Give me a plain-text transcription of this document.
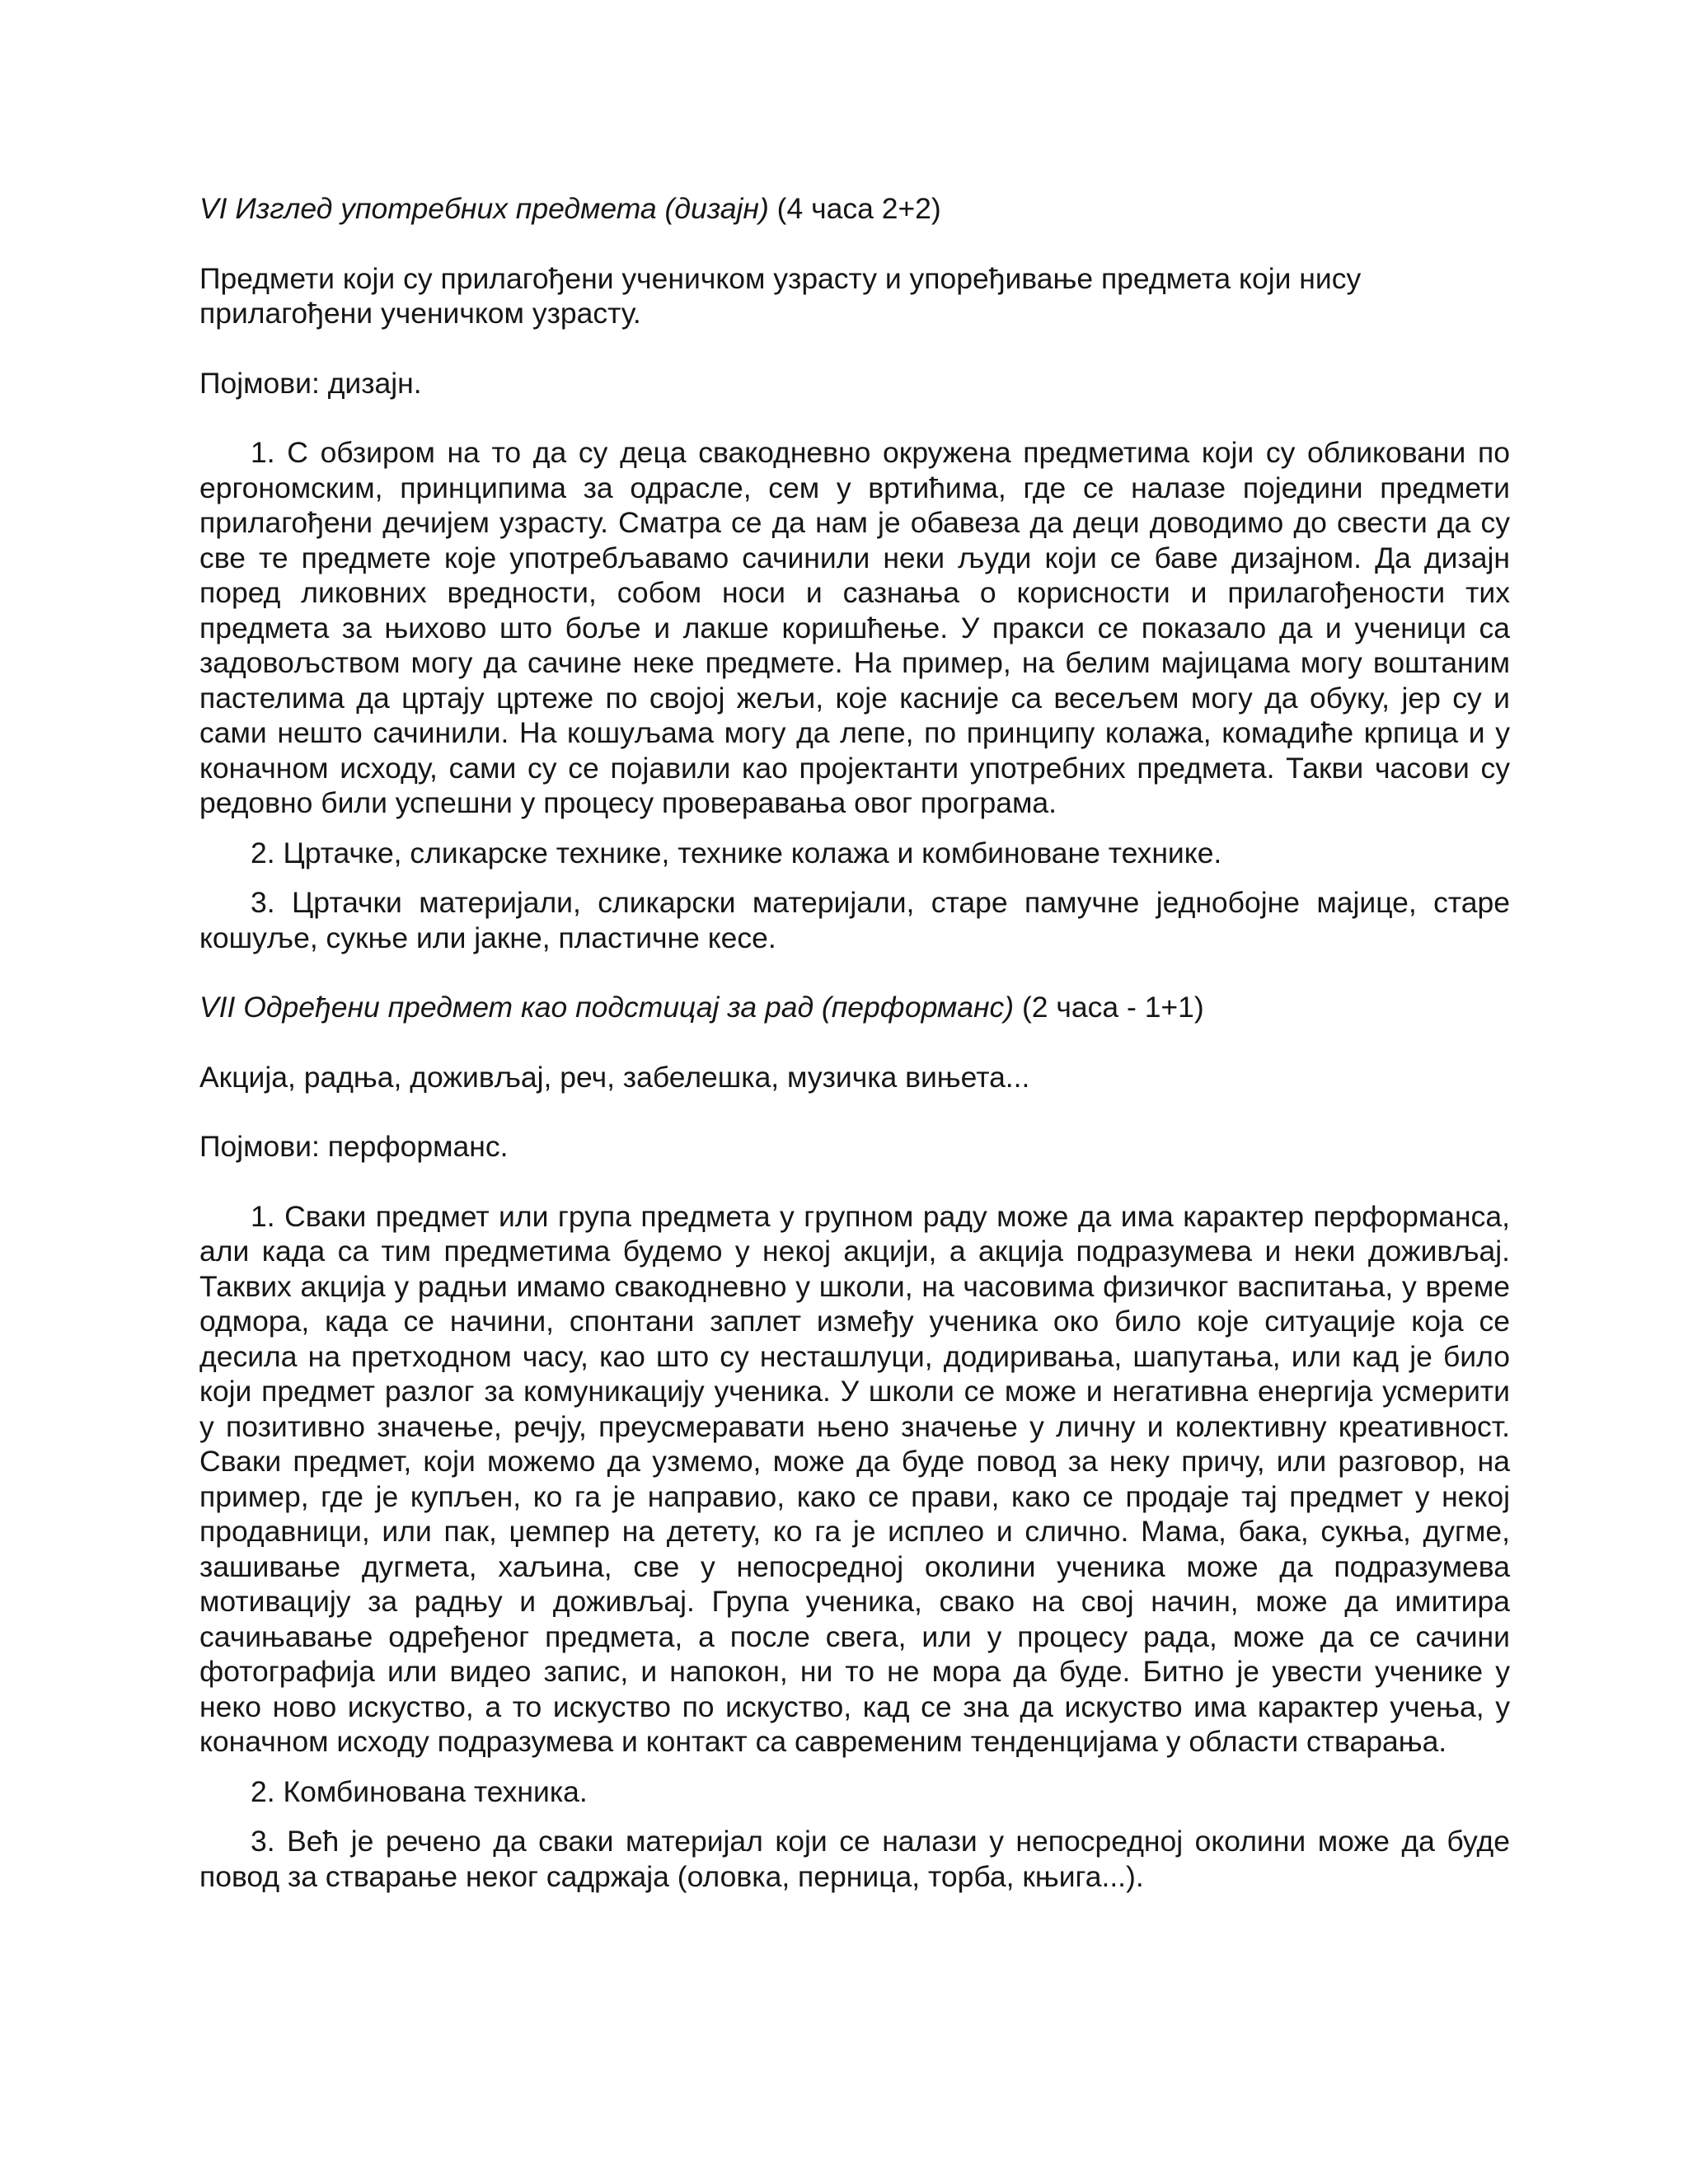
VI Изглед употребних предмета (дизајн) (4 часа 2+2)
Предмети који су прилагођени ученичком узрасту и упоређивање предмета који нису прилагођени ученичком узрасту.
Појмови: дизајн.
1. С обзиром на то да су деца свакодневно окружена предметима који су обликовани по ергономским, принципима за одрасле, сем у вртићима, где се налазе поједини предмети прилагођени дечијем узрасту. Сматра се да нам је обавеза да деци доводимо до свести да су све те предмете које употребљавамо сачинили неки људи који се баве дизајном. Да дизајн поред ликовних вредности, собом носи и сазнања о корисности и прилагођености тих предмета за њихово што боље и лакше коришћење. У пракси се показало да и ученици са задовољством могу да сачине неке предмете. На пример, на белим мајицама могу воштаним пастелима да цртају цртеже по својој жељи, које касније са весељем могу да обуку, јер су и сами нешто сачинили. На кошуљама могу да лепе, по принципу колажа, комадиће крпица и у коначном исходу, сами су се појавили као пројектанти употребних предмета. Такви часови су редовно били успешни у процесу проверавања овог програма.
2. Цртачке, сликарске технике, технике колажа и комбиноване технике.
3. Цртачки материјали, сликарски материјали, старе памучне једнобојне мајице, старе кошуље, сукње или јакне, пластичне кесе.
VII Одређени предмет као подстицај за рад (перформанс) (2 часа - 1+1)
Акција, радња, доживљај, реч, забелешка, музичка вињета...
Појмови: перформанс.
1. Сваки предмет или група предмета у групном раду може да има карактер перформанса, али када са тим предметима будемо у некој акцији, а акција подразумева и неки доживљај. Таквих акција у радњи имамо свакодневно у школи, на часовима физичког васпитања, у време одмора, када се начини, спонтани заплет између ученика око било које ситуације која се десила на претходном часу, као што су несташлуци, додиривања, шапутања, или кад је било који предмет разлог за комуникацију ученика. У школи се може и негативна енергија усмерити у позитивно значење, речју, преусмеравати њено значење у личну и колективну креативност. Сваки предмет, који можемо да узмемо, може да буде повод за неку причу, или разговор, на пример, где је купљен, ко га је направио, како се прави, како се продаје тај предмет у некој продавници, или пак, џемпер на детету, ко га је исплео и слично. Мама, бака, сукња, дугме, зашивање дугмета, хаљина, све у непосредној околини ученика може да подразумева мотивацију за радњу и доживљај. Група ученика, свако на свој начин, може да имитира сачињавање одређеног предмета, а после свега, или у процесу рада, може да се сачини фотографија или видео запис, и напокон, ни то не мора да буде. Битно је увести ученике у неко ново искуство, а то искуство по искуство, кад се зна да искуство има карактер учења, у коначном исходу подразумева и контакт са савременим тенденцијама у области стварања.
2. Комбинована техника.
3. Већ је речено да сваки материјал који се налази у непосредној околини може да буде повод за стварање неког садржаја (оловка, перница, торба, књига...).
